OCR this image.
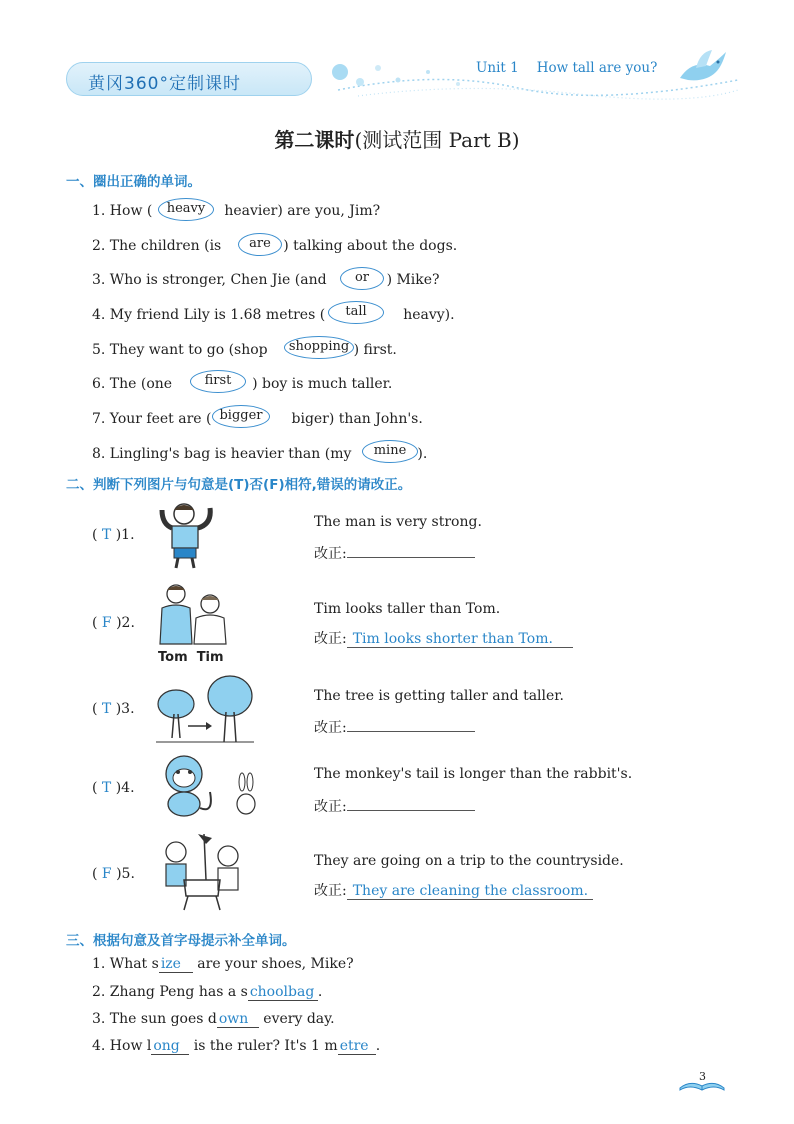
黄冈360°定制课时
Unit 1 How tall are you?
第二课时(测试范围 Part B)
一、圈出正确的单词。
1. How (	heavier) are you, Jim?
heavy
2. The children (is	) talking about the dogs.
are
3. Who is stronger, Chen Jie (and	) Mike?
or
4. My friend Lily is 1.68 metres (	heavy).
tall
5. They want to go (shop	) first.
shopping
6. The (one	) boy is much taller.
first
7. Your feet are (	biger) than John's.
bigger
8. Lingling's bag is heavier than (my	).
mine
二、判断下列图片与句意是(T)否(F)相符,错误的请改正。
( T )1.
The man is very strong.
改正:
( F )2.
Tom Tim
Tim looks taller than Tom.
改正: Tim looks shorter than Tom.
( T )3.
The tree is getting taller and taller.
改正:
( T )4.
The monkey's tail is longer than the rabbit's.
改正:
( F )5.
They are going on a trip to the countryside.
改正: They are cleaning the classroom.
三、根据句意及首字母提示补全单词。
1. What s ize are your shoes, Mike?
2. Zhang Peng has a s choolbag .
3. The sun goes d own every day.
4. How l ong is the ruler? It's 1 m etre .
3
